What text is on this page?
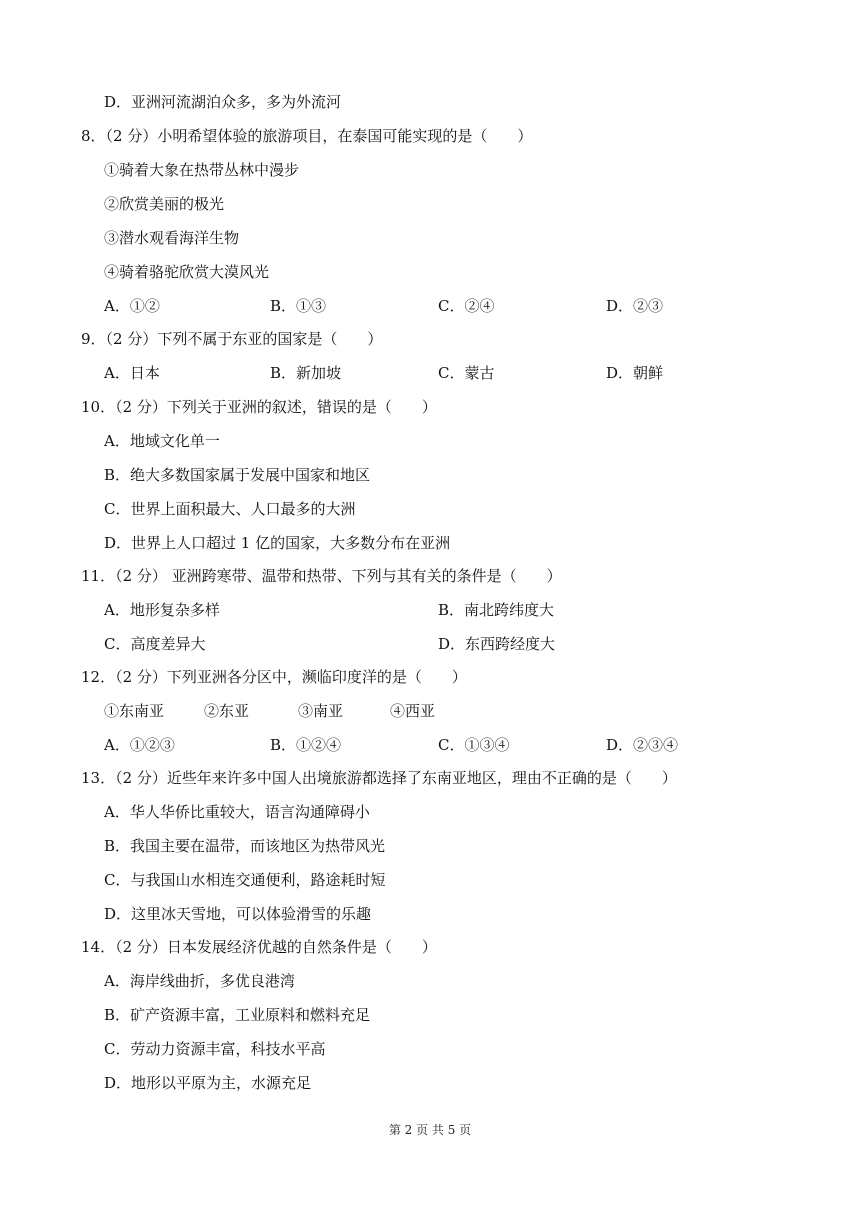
D．亚洲河流湖泊众多，多为外流河
8．（2 分）小明希望体验的旅游项目，在泰国可能实现的是（　　）
①骑着大象在热带丛林中漫步
②欣赏美丽的极光
③潜水观看海洋生物
④骑着骆驼欣赏大漠风光
A．①②	B．①③	C．②④	D．②③
9．（2 分）下列不属于东亚的国家是（　　）
A．日本	B．新加坡	C．蒙古	D．朝鲜
10．（2 分）下列关于亚洲的叙述，错误的是（　　）
A．地域文化单一
B．绝大多数国家属于发展中国家和地区
C．世界上面积最大、人口最多的大洲
D．世界上人口超过 1 亿的国家，大多数分布在亚洲
11．（2 分） 亚洲跨寒带、温带和热带、下列与其有关的条件是（　　）
A．地形复杂多样	B．南北跨纬度大
C．高度差异大	D．东西跨经度大
12．（2 分）下列亚洲各分区中，濒临印度洋的是（　　）
①东南亚	②东亚	③南亚	④西亚
A．①②③	B．①②④	C．①③④	D．②③④
13．（2 分）近些年来许多中国人出境旅游都选择了东南亚地区，理由不正确的是（　　）
A．华人华侨比重较大，语言沟通障碍小
B．我国主要在温带，而该地区为热带风光
C．与我国山水相连交通便利，路途耗时短
D．这里冰天雪地，可以体验滑雪的乐趣
14．（2 分）日本发展经济优越的自然条件是（　　）
A．海岸线曲折，多优良港湾
B．矿产资源丰富，工业原料和燃料充足
C．劳动力资源丰富，科技水平高
D．地形以平原为主，水源充足
第 2 页 共 5 页
